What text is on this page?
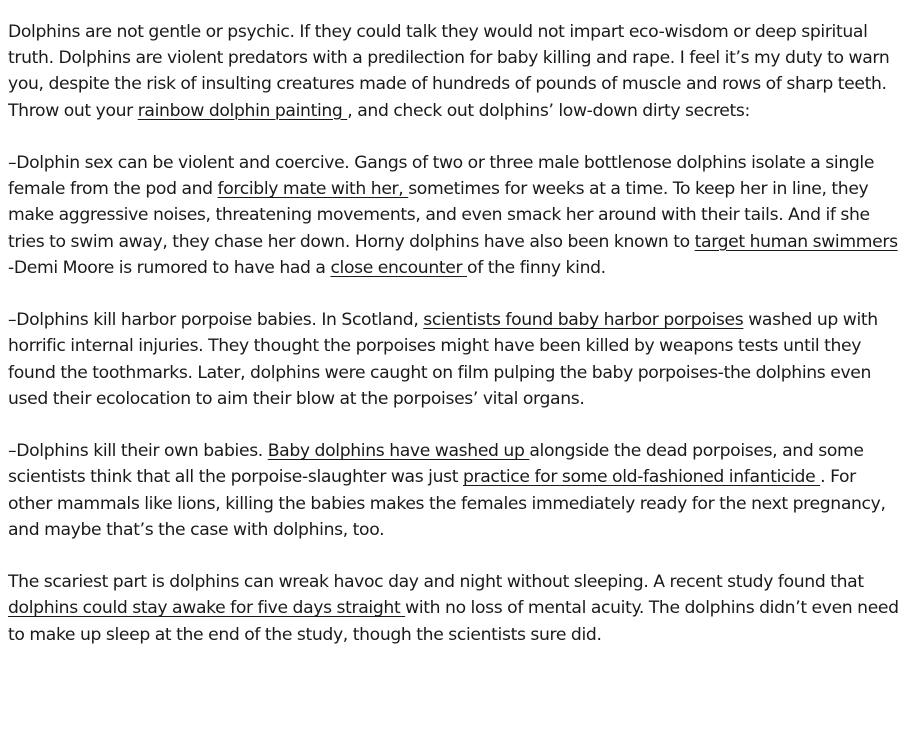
Dolphins are not gentle or psychic. If they could talk they would not impart eco-wisdom or deep spiritual truth. Dolphins are violent predators with a predilection for baby killing and rape. I feel it’s my duty to warn you, despite the risk of insulting creatures made of hundreds of pounds of muscle and rows of sharp teeth. Throw out your rainbow dolphin painting , and check out dolphins’ low-down dirty secrets:

–Dolphin sex can be violent and coercive. Gangs of two or three male bottlenose dolphins isolate a single female from the pod and forcibly mate with her, sometimes for weeks at a time. To keep her in line, they make aggressive noises, threatening movements, and even smack her around with their tails. And if she tries to swim away, they chase her down. Horny dolphins have also been known to target human swimmers -Demi Moore is rumored to have had a close encounter of the finny kind.

–Dolphins kill harbor porpoise babies. In Scotland, scientists found baby harbor porpoises washed up with horrific internal injuries. They thought the porpoises might have been killed by weapons tests until they found the toothmarks. Later, dolphins were caught on film pulping the baby porpoises-the dolphins even used their ecolocation to aim their blow at the porpoises’ vital organs.

–Dolphins kill their own babies. Baby dolphins have washed up alongside the dead porpoises, and some scientists think that all the porpoise-slaughter was just practice for some old-fashioned infanticide . For other mammals like lions, killing the babies makes the females immediately ready for the next pregnancy, and maybe that’s the case with dolphins, too.

The scariest part is dolphins can wreak havoc day and night without sleeping. A recent study found that dolphins could stay awake for five days straight with no loss of mental acuity. The dolphins didn’t even need to make up sleep at the end of the study, though the scientists sure did.
